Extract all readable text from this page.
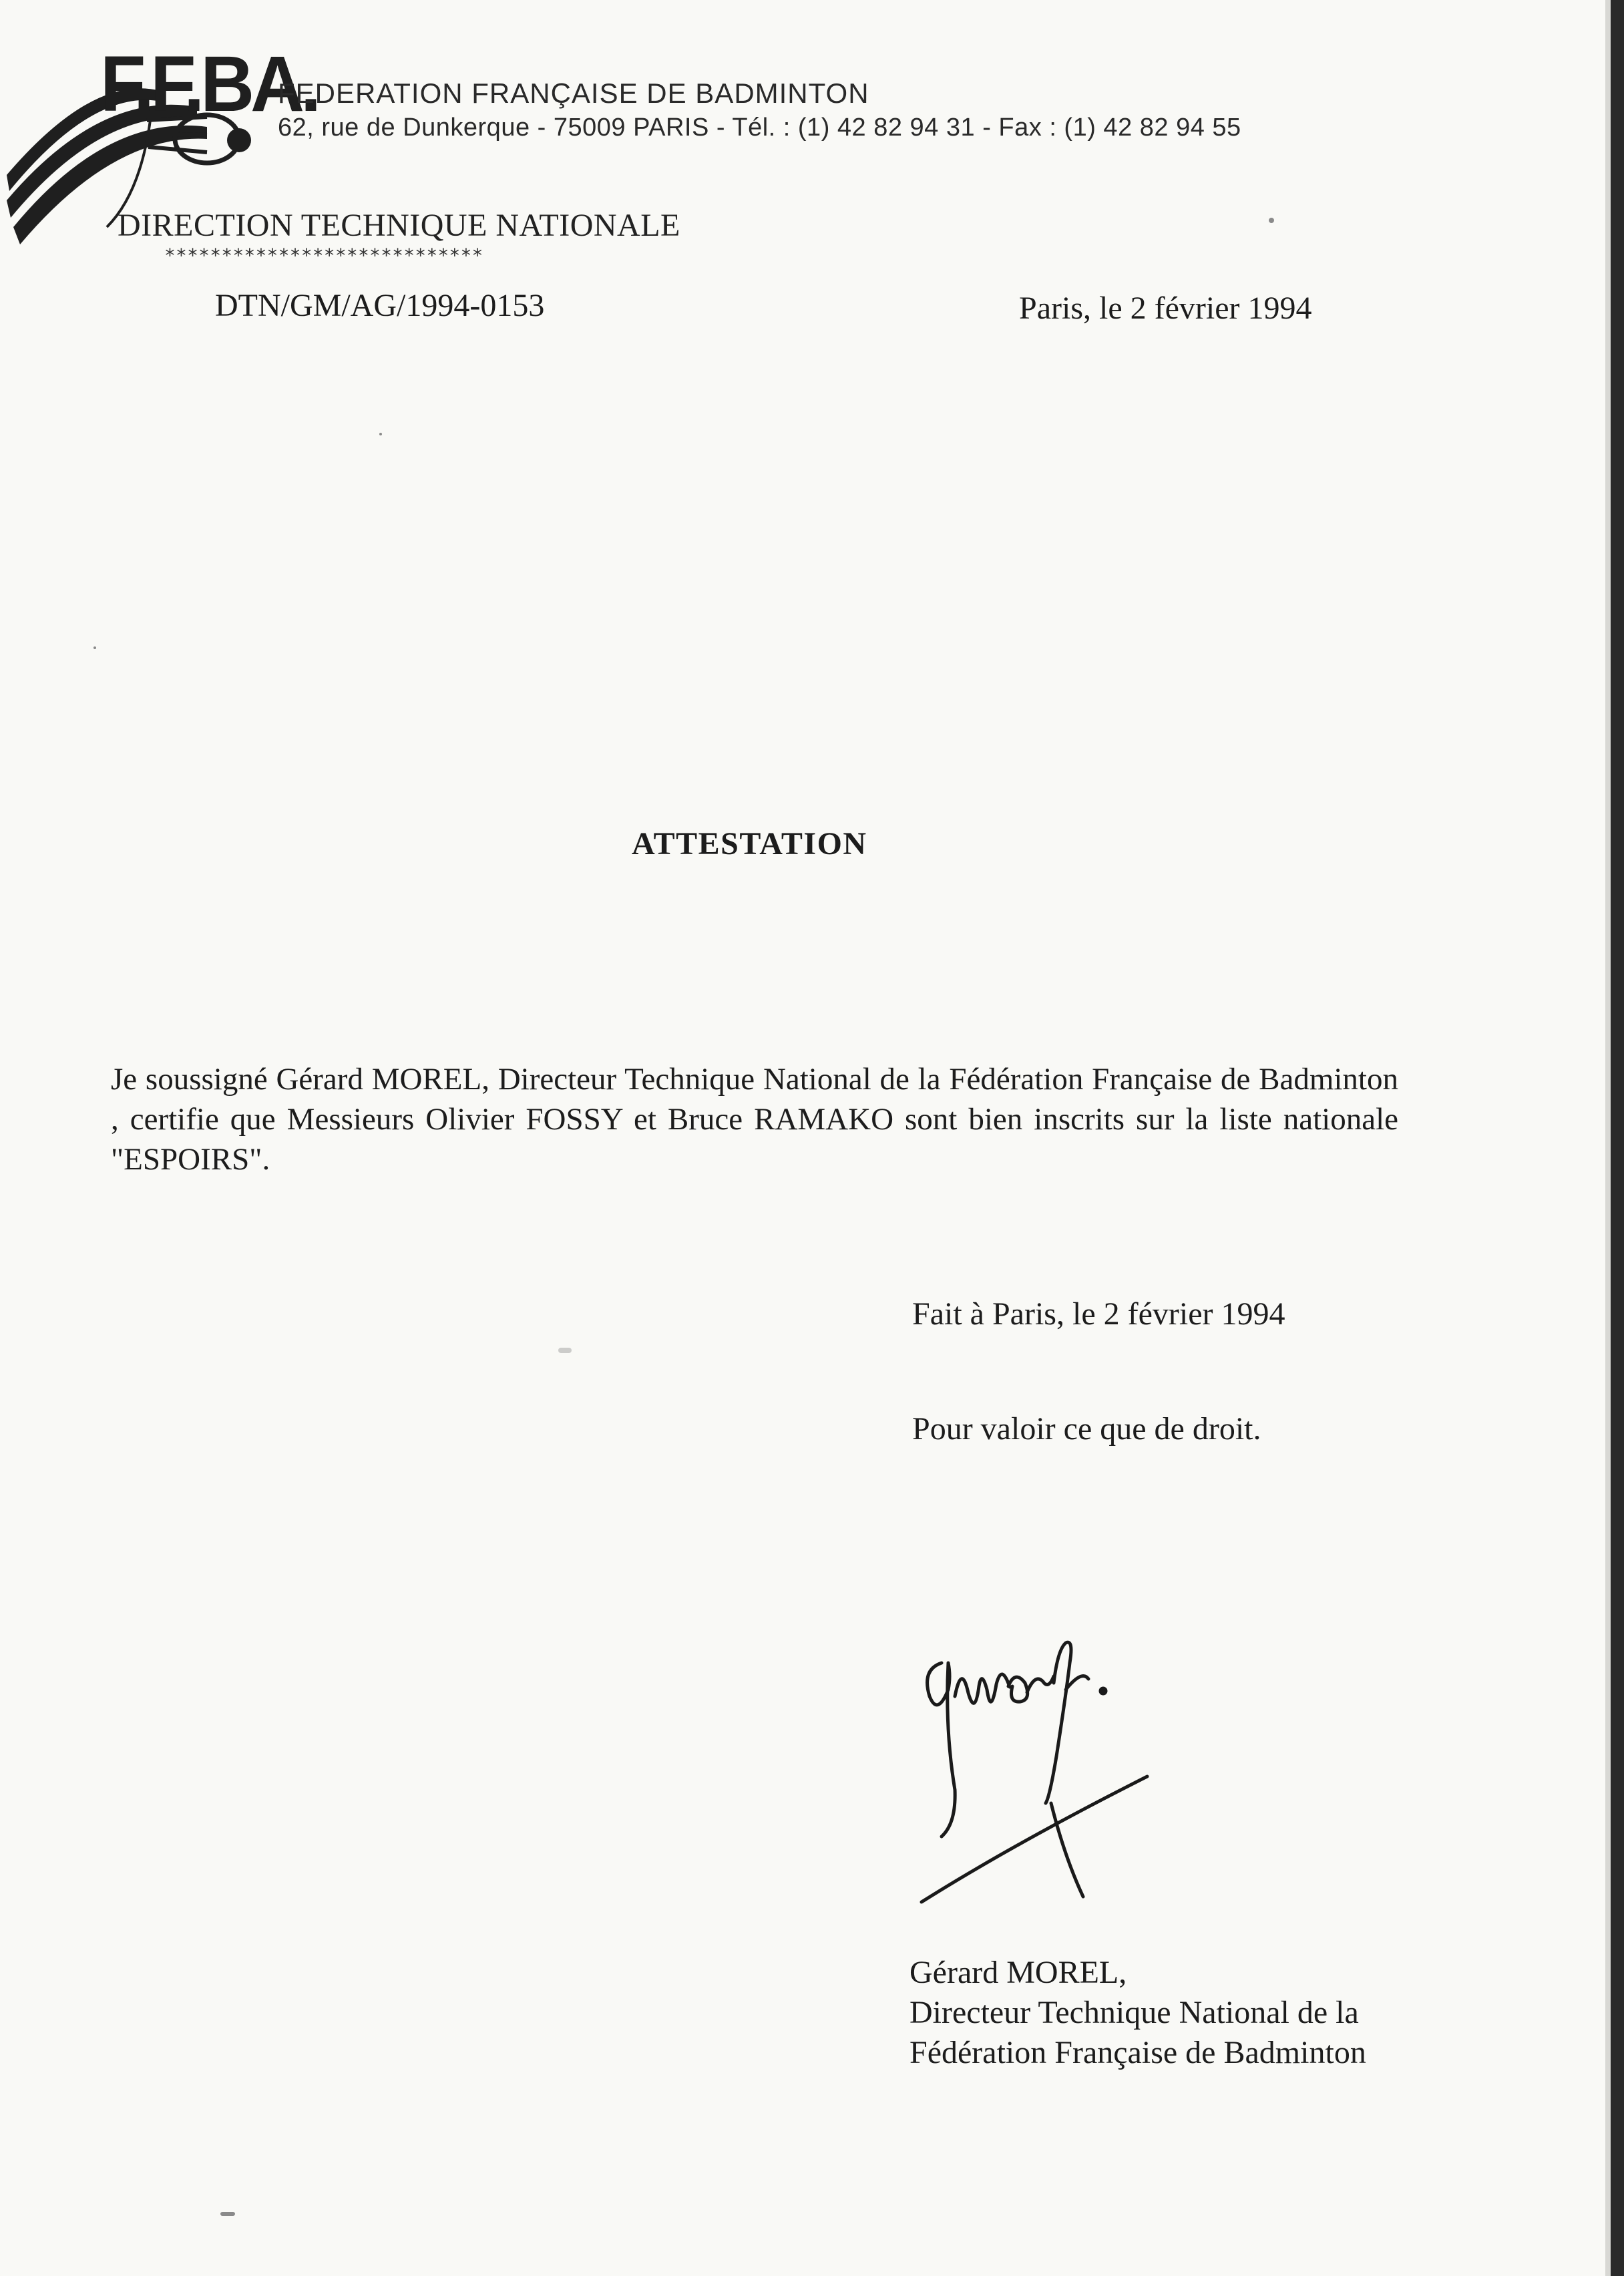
F.F.BA.
FEDERATION FRANÇAISE DE BADMINTON
62, rue de Dunkerque - 75009 PARIS - Tél. : (1) 42 82 94 31 - Fax : (1) 42 82 94 55
DIRECTION TECHNIQUE NATIONALE
****************************
DTN/GM/AG/1994-0153	Paris, le 2 février 1994
ATTESTATION
Je soussigné Gérard MOREL, Directeur Technique National de la Fédération Française de Badminton , certifie que Messieurs Olivier FOSSY et Bruce RAMAKO sont bien inscrits sur la liste nationale "ESPOIRS".
Fait à Paris, le 2 février 1994
Pour valoir ce que de droit.
Gérard MOREL,
Directeur Technique National de la
Fédération Française de Badminton
